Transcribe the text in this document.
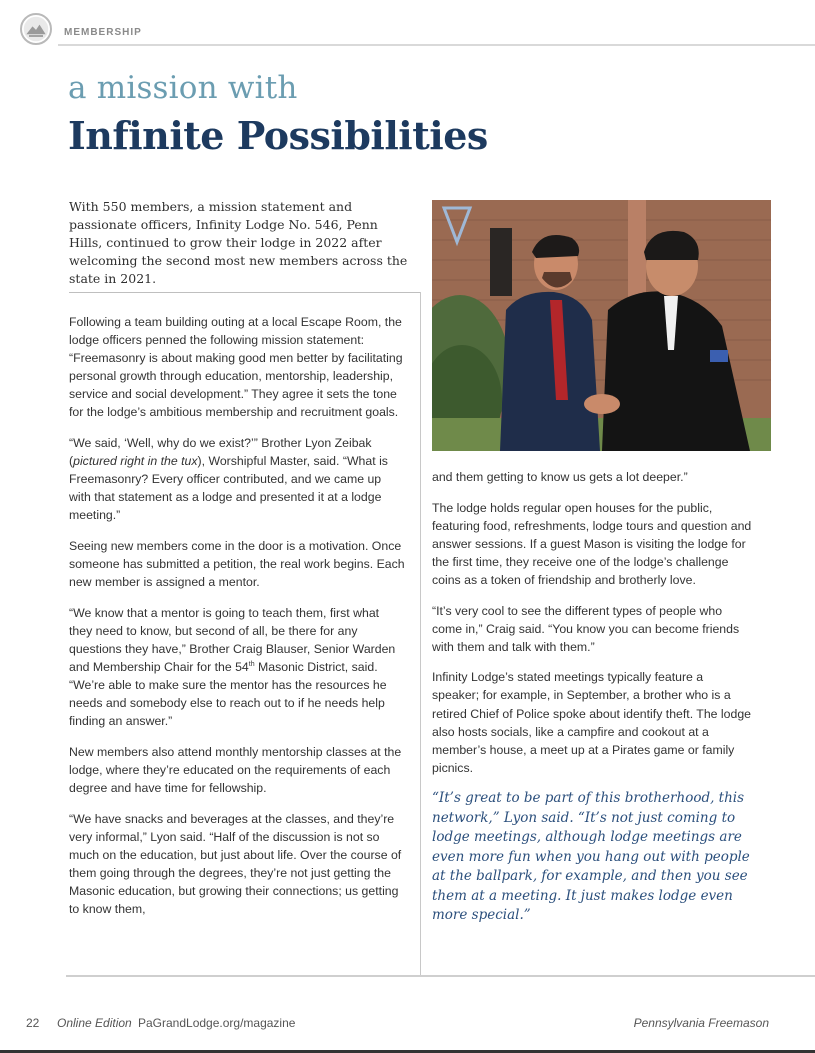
MEMBERSHIP
a mission with
Infinite Possibilities
With 550 members, a mission statement and passionate officers, Infinity Lodge No. 546, Penn Hills, continued to grow their lodge in 2022 after welcoming the second most new members across the state in 2021.

Following a team building outing at a local Escape Room, the lodge officers penned the following mission statement: “Freemasonry is about making good men better by facilitating personal growth through education, mentorship, leadership, service and social development.” They agree it sets the tone for the lodge’s ambitious membership and recruitment goals.

“We said, ‘Well, why do we exist?’” Brother Lyon Zeibak (pictured right in the tux), Worshipful Master, said. “What is Freemasonry? Every officer contributed, and we came up with that statement as a lodge and presented it at a lodge meeting.”

Seeing new members come in the door is a motivation. Once someone has submitted a petition, the real work begins. Each new member is assigned a mentor.

“We know that a mentor is going to teach them, first what they need to know, but second of all, be there for any questions they have,” Brother Craig Blauser, Senior Warden and Membership Chair for the 54th Masonic District, said. “We’re able to make sure the mentor has the resources he needs and somebody else to reach out to if he needs help finding an answer.”

New members also attend monthly mentorship classes at the lodge, where they’re educated on the requirements of each degree and have time for fellowship.

“We have snacks and beverages at the classes, and they’re very informal,” Lyon said. “Half of the discussion is not so much on the education, but just about life. Over the course of them going through the degrees, they’re not just getting the Masonic education, but growing their connections; us getting to know them,

and them getting to know us gets a lot deeper.”

The lodge holds regular open houses for the public, featuring food, refreshments, lodge tours and question and answer sessions. If a guest Mason is visiting the lodge for the first time, they receive one of the lodge’s challenge coins as a token of friendship and brotherly love.

“It’s very cool to see the different types of people who come in,” Craig said. “You know you can become friends with them and talk with them.”

Infinity Lodge’s stated meetings typically feature a speaker; for example, in September, a brother who is a retired Chief of Police spoke about identify theft. The lodge also hosts socials, like a campfire and cookout at a member’s house, a meet up at a Pirates game or family picnics.

“It’s great to be part of this brotherhood, this network,” Lyon said. “It’s not just coming to lodge meetings, although lodge meetings are even more fun when you hang out with people at the ballpark, for example, and then you see them at a meeting. It just makes lodge even more special.”

22 Online Edition PaGrandLodge.org/magazine	Pennsylvania Freemason
